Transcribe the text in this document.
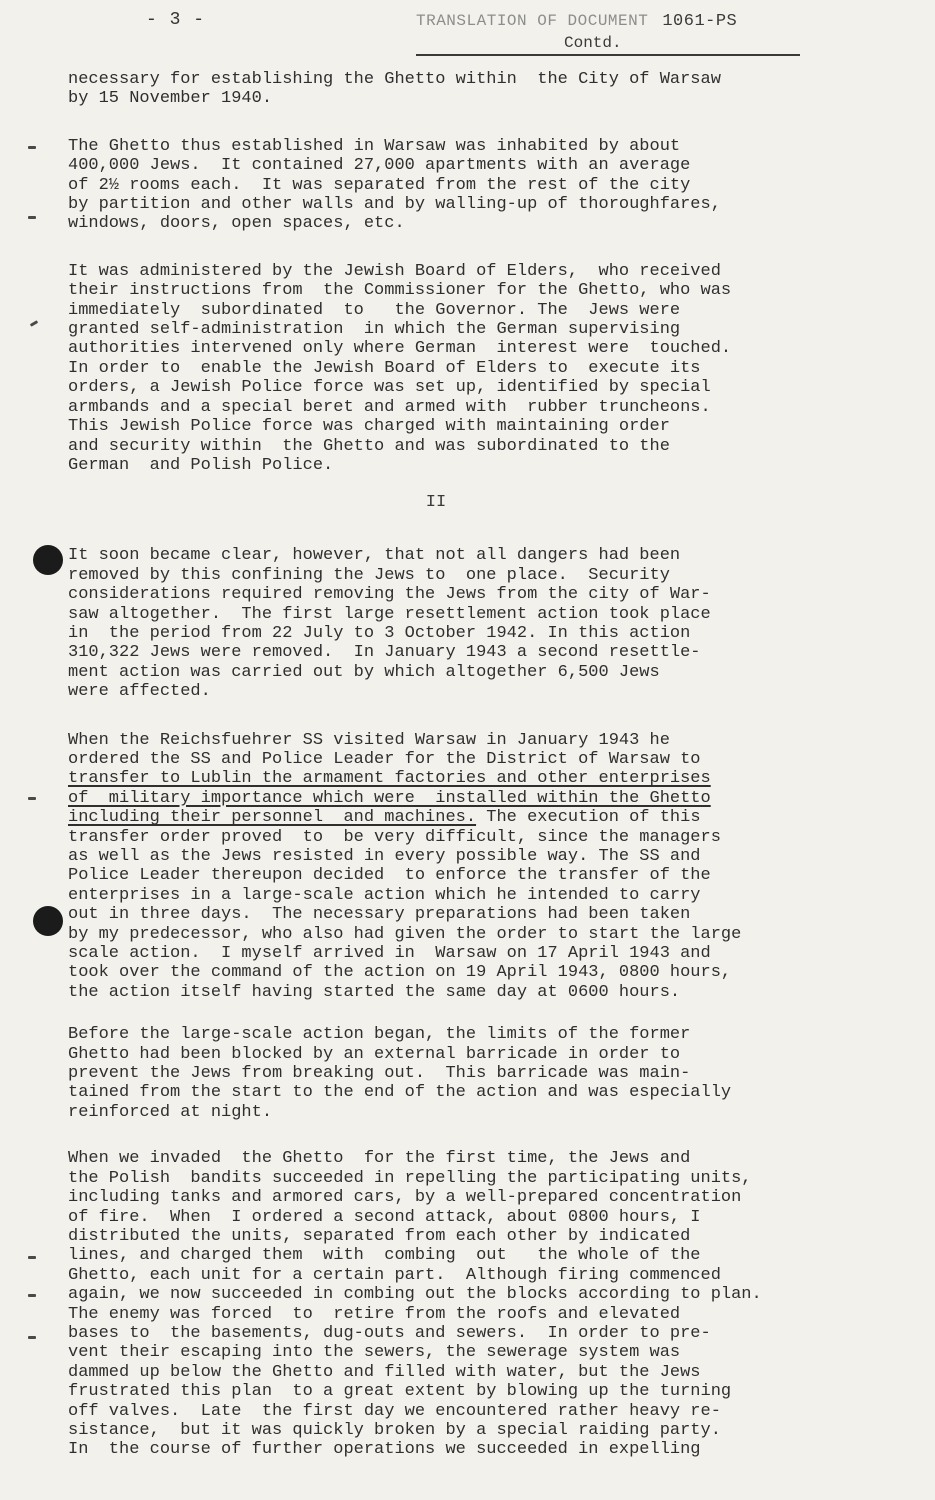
- 3 -	TRANSLATION OF DOCUMENT 1061-PS
Contd.

necessary for establishing the Ghetto within  the City of Warsaw
by 15 November 1940.

The Ghetto thus established in Warsaw was inhabited by about
400,000 Jews.  It contained 27,000 apartments with an average
of 2½ rooms each.  It was separated from the rest of the city
by partition and other walls and by walling-up of thoroughfares,
windows, doors, open spaces, etc.

It was administered by the Jewish Board of Elders,  who received
their instructions from  the Commissioner for the Ghetto, who was
immediately  subordinated  to   the Governor. The  Jews were
granted self-administration  in which the German supervising
authorities intervened only where German  interest were  touched.
In order to  enable the Jewish Board of Elders to  execute its
orders, a Jewish Police force was set up, identified by special
armbands and a special beret and armed with  rubber truncheons.
This Jewish Police force was charged with maintaining order
and security within  the Ghetto and was subordinated to the
German  and Polish Police.

II

It soon became clear, however, that not all dangers had been
removed by this confining the Jews to  one place.  Security
considerations required removing the Jews from the city of War-
saw altogether.  The first large resettlement action took place
in  the period from 22 July to 3 October 1942. In this action
310,322 Jews were removed.  In January 1943 a second resettle-
ment action was carried out by which altogether 6,500 Jews
were affected.

When the Reichsfuehrer SS visited Warsaw in January 1943 he
ordered the SS and Police Leader for the District of Warsaw to
transfer to Lublin the armament factories and other enterprises
of  military importance which were  installed within the Ghetto
including their personnel  and machines. The execution of this
transfer order proved  to  be very difficult, since the managers
as well as the Jews resisted in every possible way. The SS and
Police Leader thereupon decided  to enforce the transfer of the
enterprises in a large-scale action which he intended to carry
out in three days.  The necessary preparations had been taken
by my predecessor, who also had given the order to start the large
scale action.  I myself arrived in  Warsaw on 17 April 1943 and
took over the command of the action on 19 April 1943, 0800 hours,
the action itself having started the same day at 0600 hours.

Before the large-scale action began, the limits of the former
Ghetto had been blocked by an external barricade in order to
prevent the Jews from breaking out.  This barricade was main-
tained from the start to the end of the action and was especially
reinforced at night.

When we invaded  the Ghetto  for the first time, the Jews and
the Polish  bandits succeeded in repelling the participating units,
including tanks and armored cars, by a well-prepared concentration
of fire.  When  I ordered a second attack, about 0800 hours, I
distributed the units, separated from each other by indicated
lines, and charged them  with  combing  out   the whole of the
Ghetto, each unit for a certain part.  Although firing commenced
again, we now succeeded in combing out the blocks according to plan.
The enemy was forced  to  retire from the roofs and elevated
bases to  the basements, dug-outs and sewers.  In order to pre-
vent their escaping into the sewers, the sewerage system was
dammed up below the Ghetto and filled with water, but the Jews
frustrated this plan  to a great extent by blowing up the turning
off valves.  Late  the first day we encountered rather heavy re-
sistance,  but it was quickly broken by a special raiding party.
In  the course of further operations we succeeded in expelling
